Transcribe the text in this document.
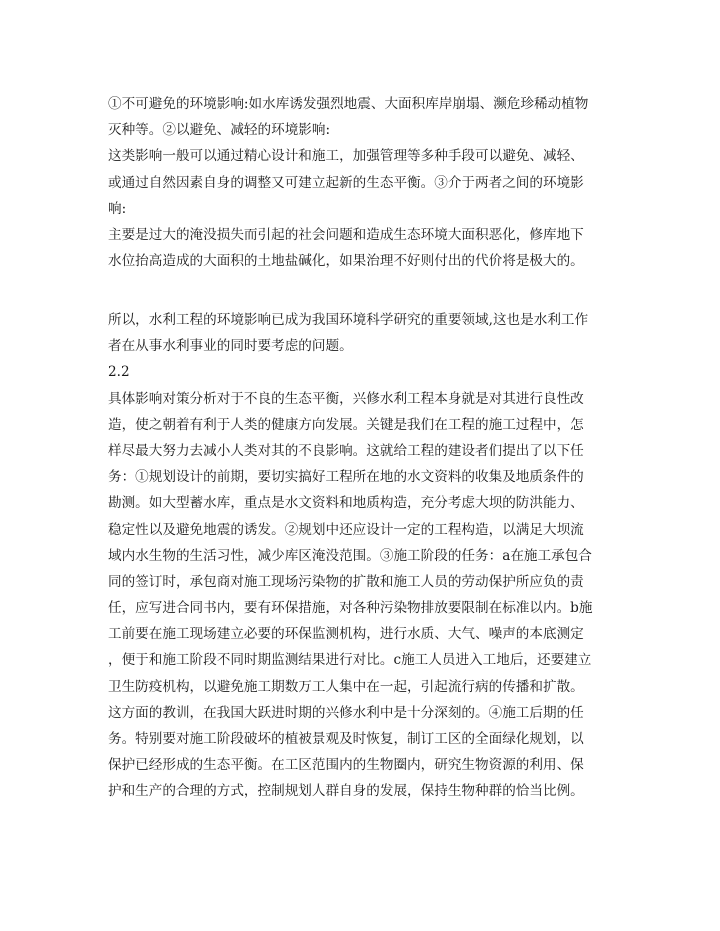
①不可避免的环境影响:如水库诱发强烈地震、大面积库岸崩塌、濒危珍稀动植物
灭种等。②以避免、减轻的环境影响:
这类影响一般可以通过精心设计和施工，加强管理等多种手段可以避免、减轻、
或通过自然因素自身的调整又可建立起新的生态平衡。③介于两者之间的环境影
响:
主要是过大的淹没损失而引起的社会问题和造成生态环境大面积恶化，修库地下
水位抬高造成的大面积的土地盐碱化，如果治理不好则付出的代价将是极大的。
所以，水利工程的环境影响已成为我国环境科学研究的重要领域,这也是水利工作
者在从事水利事业的同时要考虑的问题。
2.2
具体影响对策分析对于不良的生态平衡，兴修水利工程本身就是对其进行良性改
造，使之朝着有利于人类的健康方向发展。关键是我们在工程的施工过程中，怎
样尽最大努力去减小人类对其的不良影响。这就给工程的建设者们提出了以下任
务：①规划设计的前期，要切实搞好工程所在地的水文资料的收集及地质条件的
勘测。如大型蓄水库，重点是水文资料和地质构造，充分考虑大坝的防洪能力、
稳定性以及避免地震的诱发。②规划中还应设计一定的工程构造，以满足大坝流
域内水生物的生活习性，减少库区淹没范围。③施工阶段的任务：a在施工承包合
同的签订时，承包商对施工现场污染物的扩散和施工人员的劳动保护所应负的责
任，应写进合同书内，要有环保措施，对各种污染物排放要限制在标准以内。b施
工前要在施工现场建立必要的环保监测机构，进行水质、大气、噪声的本底测定
，便于和施工阶段不同时期监测结果进行对比。c施工人员进入工地后，还要建立
卫生防疫机构，以避免施工期数万工人集中在一起，引起流行病的传播和扩散。
这方面的教训，在我国大跃进时期的兴修水利中是十分深刻的。④施工后期的任
务。特别要对施工阶段破坏的植被景观及时恢复，制订工区的全面绿化规划，以
保护已经形成的生态平衡。在工区范围内的生物圈内，研究生物资源的利用、保
护和生产的合理的方式，控制规划人群自身的发展，保持生物种群的恰当比例。
